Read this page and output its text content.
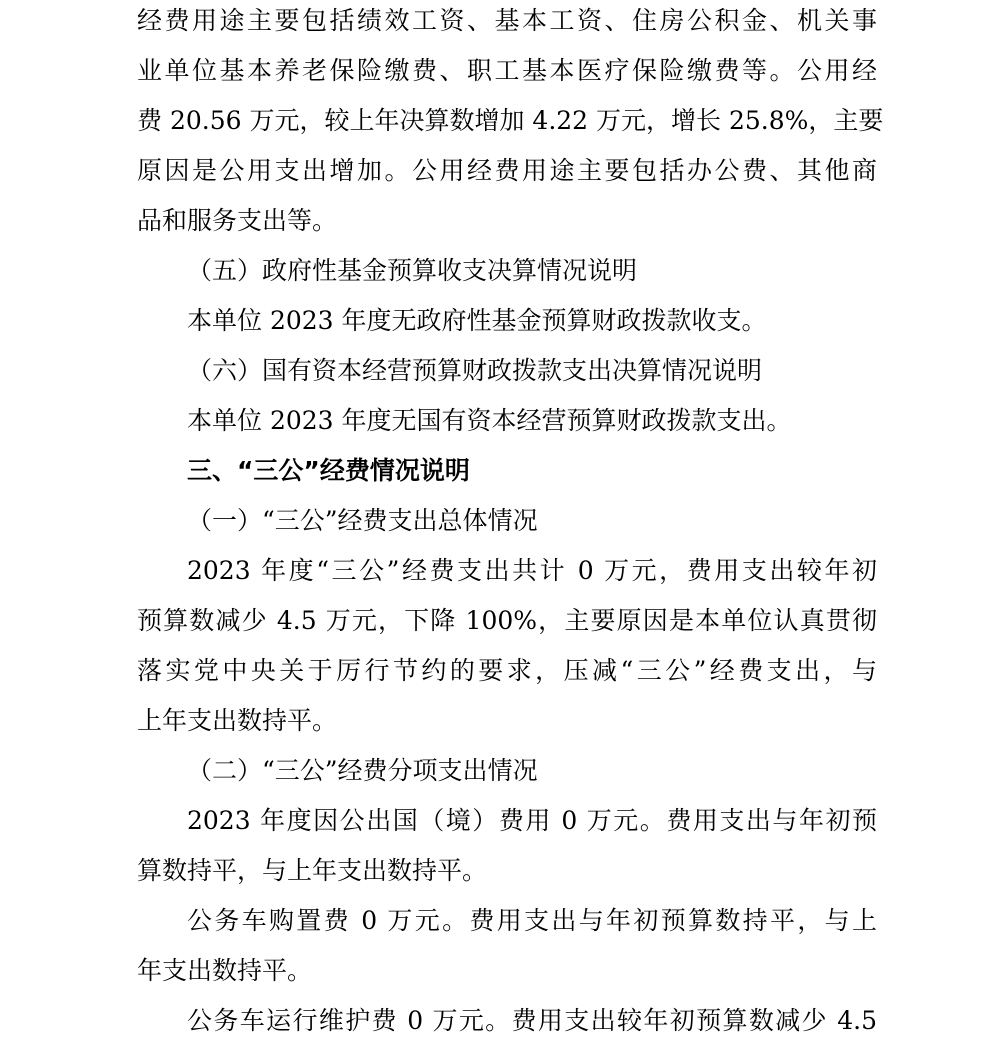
经费用途主要包括绩效工资、基本工资、住房公积金、机关事
业单位基本养老保险缴费、职工基本医疗保险缴费等。公用经
费 20.56 万元，较上年决算数增加 4.22 万元，增长 25.8%，主要
原因是公用支出增加。公用经费用途主要包括办公费、其他商
品和服务支出等。
（五）政府性基金预算收支决算情况说明
本单位 2023 年度无政府性基金预算财政拨款收支。
（六）国有资本经营预算财政拨款支出决算情况说明
本单位 2023 年度无国有资本经营预算财政拨款支出。
三、“三公”经费情况说明
（一）“三公”经费支出总体情况
2023 年度“三公”经费支出共计 0 万元，费用支出较年初
预算数减少 4.5 万元，下降 100%，主要原因是本单位认真贯彻
落实党中央关于厉行节约的要求，压减“三公”经费支出，与
上年支出数持平。
（二）“三公”经费分项支出情况
2023 年度因公出国（境）费用 0 万元。费用支出与年初预
算数持平，与上年支出数持平。
公务车购置费 0 万元。费用支出与年初预算数持平，与上
年支出数持平。
公务车运行维护费 0 万元。费用支出较年初预算数减少 4.5
